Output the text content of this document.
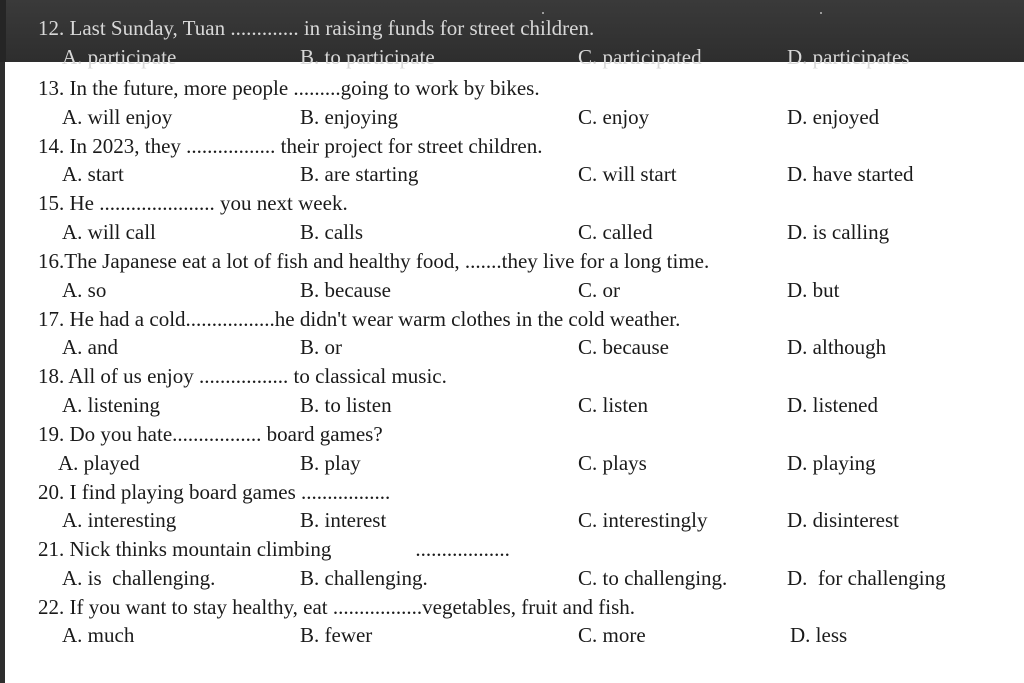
12. Last Sunday, Tuan ............. in raising funds for street children.
A. participate	B. to participate	C. participated	D. participates
13. In the future, more people .........going to work by bikes.
A. will enjoy	B. enjoying	C. enjoy	D. enjoyed
14. In 2023, they ................. their project for street children.
A. start	B. are starting	C. will start	D. have started
15. He ...................... you next week.
A. will call	B. calls	C. called	D. is calling
16.The Japanese eat a lot of fish and healthy food, .......they live for a long time.
A. so	B. because	C. or	D. but
17. He had a cold.................he didn't wear warm clothes in the cold weather.
A. and	B. or	C. because	D. although
18. All of us enjoy ................. to classical music.
A. listening	B. to listen	C. listen	D. listened
19. Do you hate................. board games?
A. played	B. play	C. plays	D. playing
20. I find playing board games .................
A. interesting	B. interest	C. interestingly	D. disinterest
21. Nick thinks mountain climbing                ..................
A. is  challenging.	B. challenging.	C. to challenging.	D.  for challenging
22. If you want to stay healthy, eat .................vegetables, fruit and fish.
A. much	B. fewer	C. more	D. less
